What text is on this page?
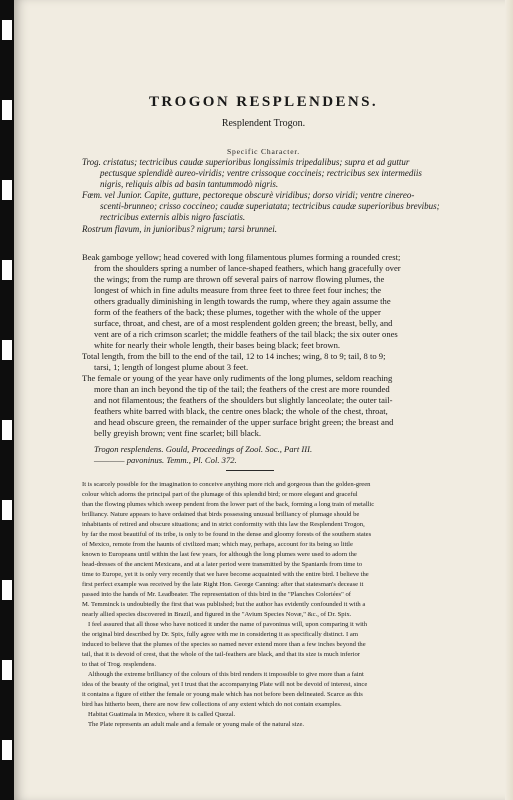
TROGON RESPLENDENS.
Resplendent Trogon.
Specific Character.
Trog. cristatus; tectricibus caudæ superioribus longissimis tripedalibus; supra et ad guttur
pectusque splendidè aureo-viridis; ventre crissoque coccineis; rectricibus sex intermediis
nigris, reliquis albis ad basin tantummodò nigris.
Fœm. vel Junior. Capite, gutture, pectoreque obscurè viridibus; dorso viridi; ventre cinereo-
scenti-brunneo; crisso coccineo; caudæ superiatata; tectricibus caudæ superioribus brevibus;
rectricibus externis albis nigro fasciatis.
Rostrum flavum, in junioribus? nigrum; tarsi brunnei.
Beak gamboge yellow; head covered with long filamentous plumes forming a rounded crest;
from the shoulders spring a number of lance-shaped feathers, which hang gracefully over
the wings; from the rump are thrown off several pairs of narrow flowing plumes, the
longest of which in fine adults measure from three feet to three feet four inches; the
others gradually diminishing in length towards the rump, where they again assume the
form of the feathers of the back; these plumes, together with the whole of the upper
surface, throat, and chest, are of a most resplendent golden green; the breast, belly, and
vent are of a rich crimson scarlet; the middle feathers of the tail black; the six outer ones
white for nearly their whole length, their bases being black; feet brown.
Total length, from the bill to the end of the tail, 12 to 14 inches; wing, 8 to 9; tail, 8 to 9;
tarsi, 1; length of longest plume about 3 feet.
The female or young of the year have only rudiments of the long plumes, seldom reaching
more than an inch beyond the tip of the tail; the feathers of the crest are more rounded
and not filamentous; the feathers of the shoulders but slightly lanceolate; the outer tail-
feathers white barred with black, the centre ones black; the whole of the chest, throat,
and head obscure green, the remainder of the upper surface bright green; the breast and
belly greyish brown; vent fine scarlet; bill black.
Trogon resplendens. Gould, Proceedings of Zool. Soc., Part III.
———— pavoninus. Temm., Pl. Col. 372.
It is scarcely possible for the imagination to conceive anything more rich and gorgeous than the golden-green
colour which adorns the principal part of the plumage of this splendid bird; or more elegant and graceful
than the flowing plumes which sweep pendent from the lower part of the back, forming a long train of metallic
brilliancy. Nature appears to have ordained that birds possessing unusual brilliancy of plumage should be
inhabitants of retired and obscure situations; and in strict conformity with this law the Resplendent Trogon,
by far the most beautiful of its tribe, is only to be found in the dense and gloomy forests of the southern states
of Mexico, remote from the haunts of civilized man; which may, perhaps, account for its being so little
known to Europeans until within the last few years, for although the long plumes were used to adorn the
head-dresses of the ancient Mexicans, and at a later period were transmitted by the Spaniards from time to
time to Europe, yet it is only very recently that we have become acquainted with the entire bird. I believe the
first perfect example was received by the late Right Hon. George Canning: after that statesman's decease it
passed into the hands of Mr. Leadbeater. The representation of this bird in the "Planches Coloriées" of
M. Temminck is undoubtedly the first that was published; but the author has evidently confounded it with a
nearly allied species discovered in Brazil, and figured in the "Avium Species Novæ," &c., of Dr. Spix.
I feel assured that all those who have noticed it under the name of pavoninus will, upon comparing it with
the original bird described by Dr. Spix, fully agree with me in considering it as specifically distinct. I am
induced to believe that the plumes of the species so named never extend more than a few inches beyond the
tail, that it is devoid of crest, that the whole of the tail-feathers are black, and that its size is much inferior
to that of Trog. resplendens.
Although the extreme brilliancy of the colours of this bird renders it impossible to give more than a faint
idea of the beauty of the original, yet I trust that the accompanying Plate will not be devoid of interest, since
it contains a figure of either the female or young male which has not before been delineated. Scarce as this
bird has hitherto been, there are now few collections of any extent which do not contain examples.
Habitat Guatimala in Mexico, where it is called Quezal.
The Plate represents an adult male and a female or young male of the natural size.
